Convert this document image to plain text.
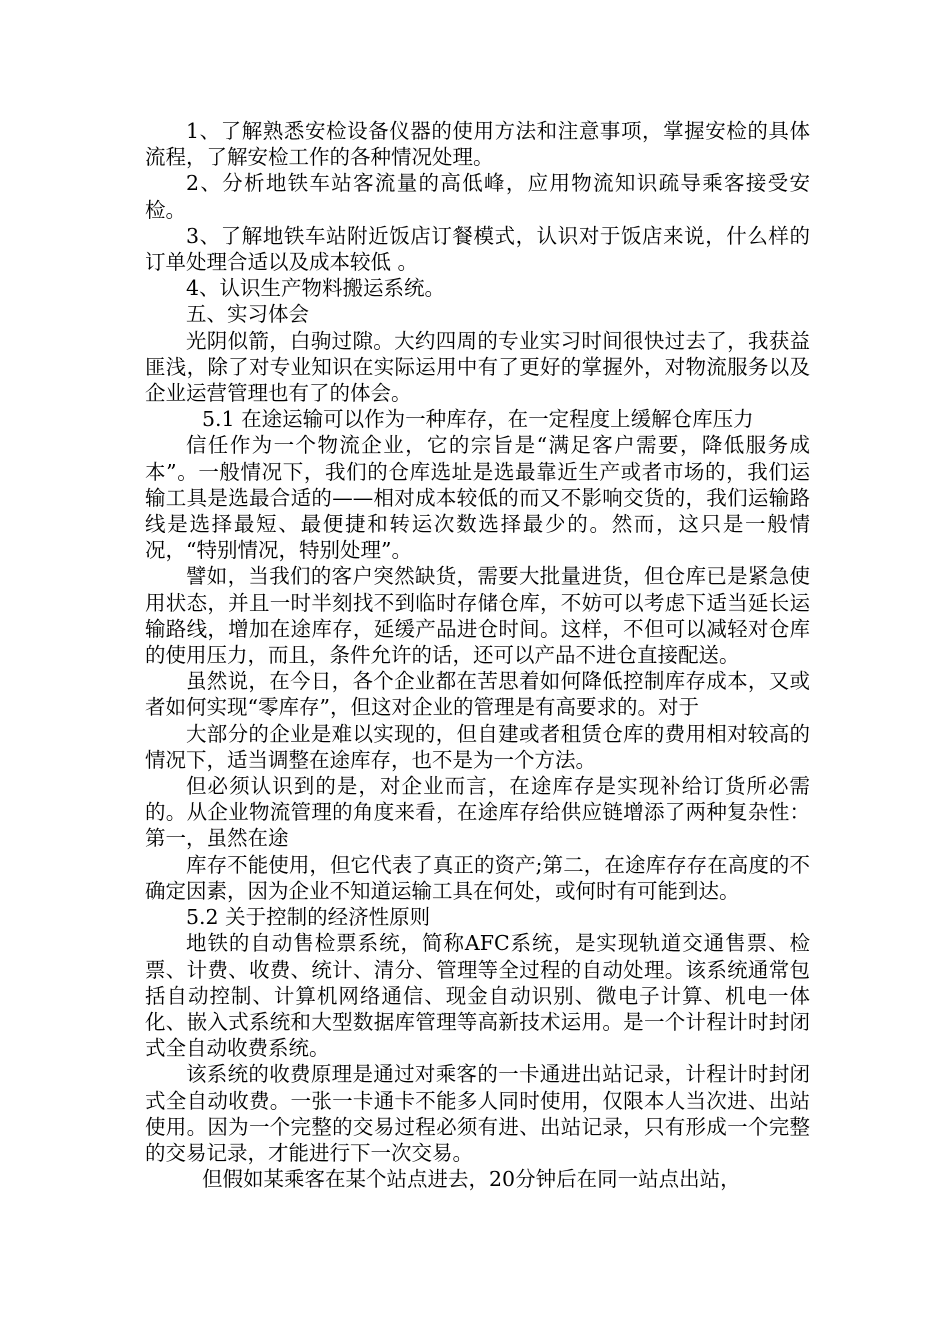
1、了解熟悉安检设备仪器的使用方法和注意事项，掌握安检的具体流程，了解安检工作的各种情况处理。

2、分析地铁车站客流量的高低峰，应用物流知识疏导乘客接受安检。

3、了解地铁车站附近饭店订餐模式，认识对于饭店来说，什么样的订单处理合适以及成本较低 。

4、认识生产物料搬运系统。

五、实习体会

光阴似箭，白驹过隙。大约四周的专业实习时间很快过去了，我获益匪浅，除了对专业知识在实际运用中有了更好的掌握外，对物流服务以及企业运营管理也有了的体会。

5.1 在途运输可以作为一种库存，在一定程度上缓解仓库压力

信任作为一个物流企业，它的宗旨是“满足客户需要，降低服务成本”。一般情况下，我们的仓库选址是选最靠近生产或者市场的，我们运输工具是选最合适的——相对成本较低的而又不影响交货的，我们运输路线是选择最短、最便捷和转运次数选择最少的。然而，这只是一般情况，“特别情况，特别处理”。

譬如，当我们的客户突然缺货，需要大批量进货，但仓库已是紧急使用状态，并且一时半刻找不到临时存储仓库，不妨可以考虑下适当延长运输路线，增加在途库存，延缓产品进仓时间。这样，不但可以减轻对仓库的使用压力，而且，条件允许的话，还可以产品不进仓直接配送。

虽然说，在今日，各个企业都在苦思着如何降低控制库存成本，又或者如何实现“零库存”，但这对企业的管理是有高要求的。对于

大部分的企业是难以实现的，但自建或者租赁仓库的费用相对较高的情况下，适当调整在途库存，也不是为一个方法。

但必须认识到的是，对企业而言，在途库存是实现补给订货所必需的。从企业物流管理的角度来看，在途库存给供应链增添了两种复杂性：第一，虽然在途

库存不能使用，但它代表了真正的资产;第二，在途库存存在高度的不确定因素，因为企业不知道运输工具在何处，或何时有可能到达。

5.2 关于控制的经济性原则

地铁的自动售检票系统，简称AFC系统，是实现轨道交通售票、检票、计费、收费、统计、清分、管理等全过程的自动处理。该系统通常包括自动控制、计算机网络通信、现金自动识别、微电子计算、机电一体化、嵌入式系统和大型数据库管理等高新技术运用。是一个计程计时封闭式全自动收费系统。

该系统的收费原理是通过对乘客的一卡通进出站记录，计程计时封闭式全自动收费。一张一卡通卡不能多人同时使用，仅限本人当次进、出站使用。因为一个完整的交易过程必须有进、出站记录，只有形成一个完整的交易记录，才能进行下一次交易。

但假如某乘客在某个站点进去，20分钟后在同一站点出站，
